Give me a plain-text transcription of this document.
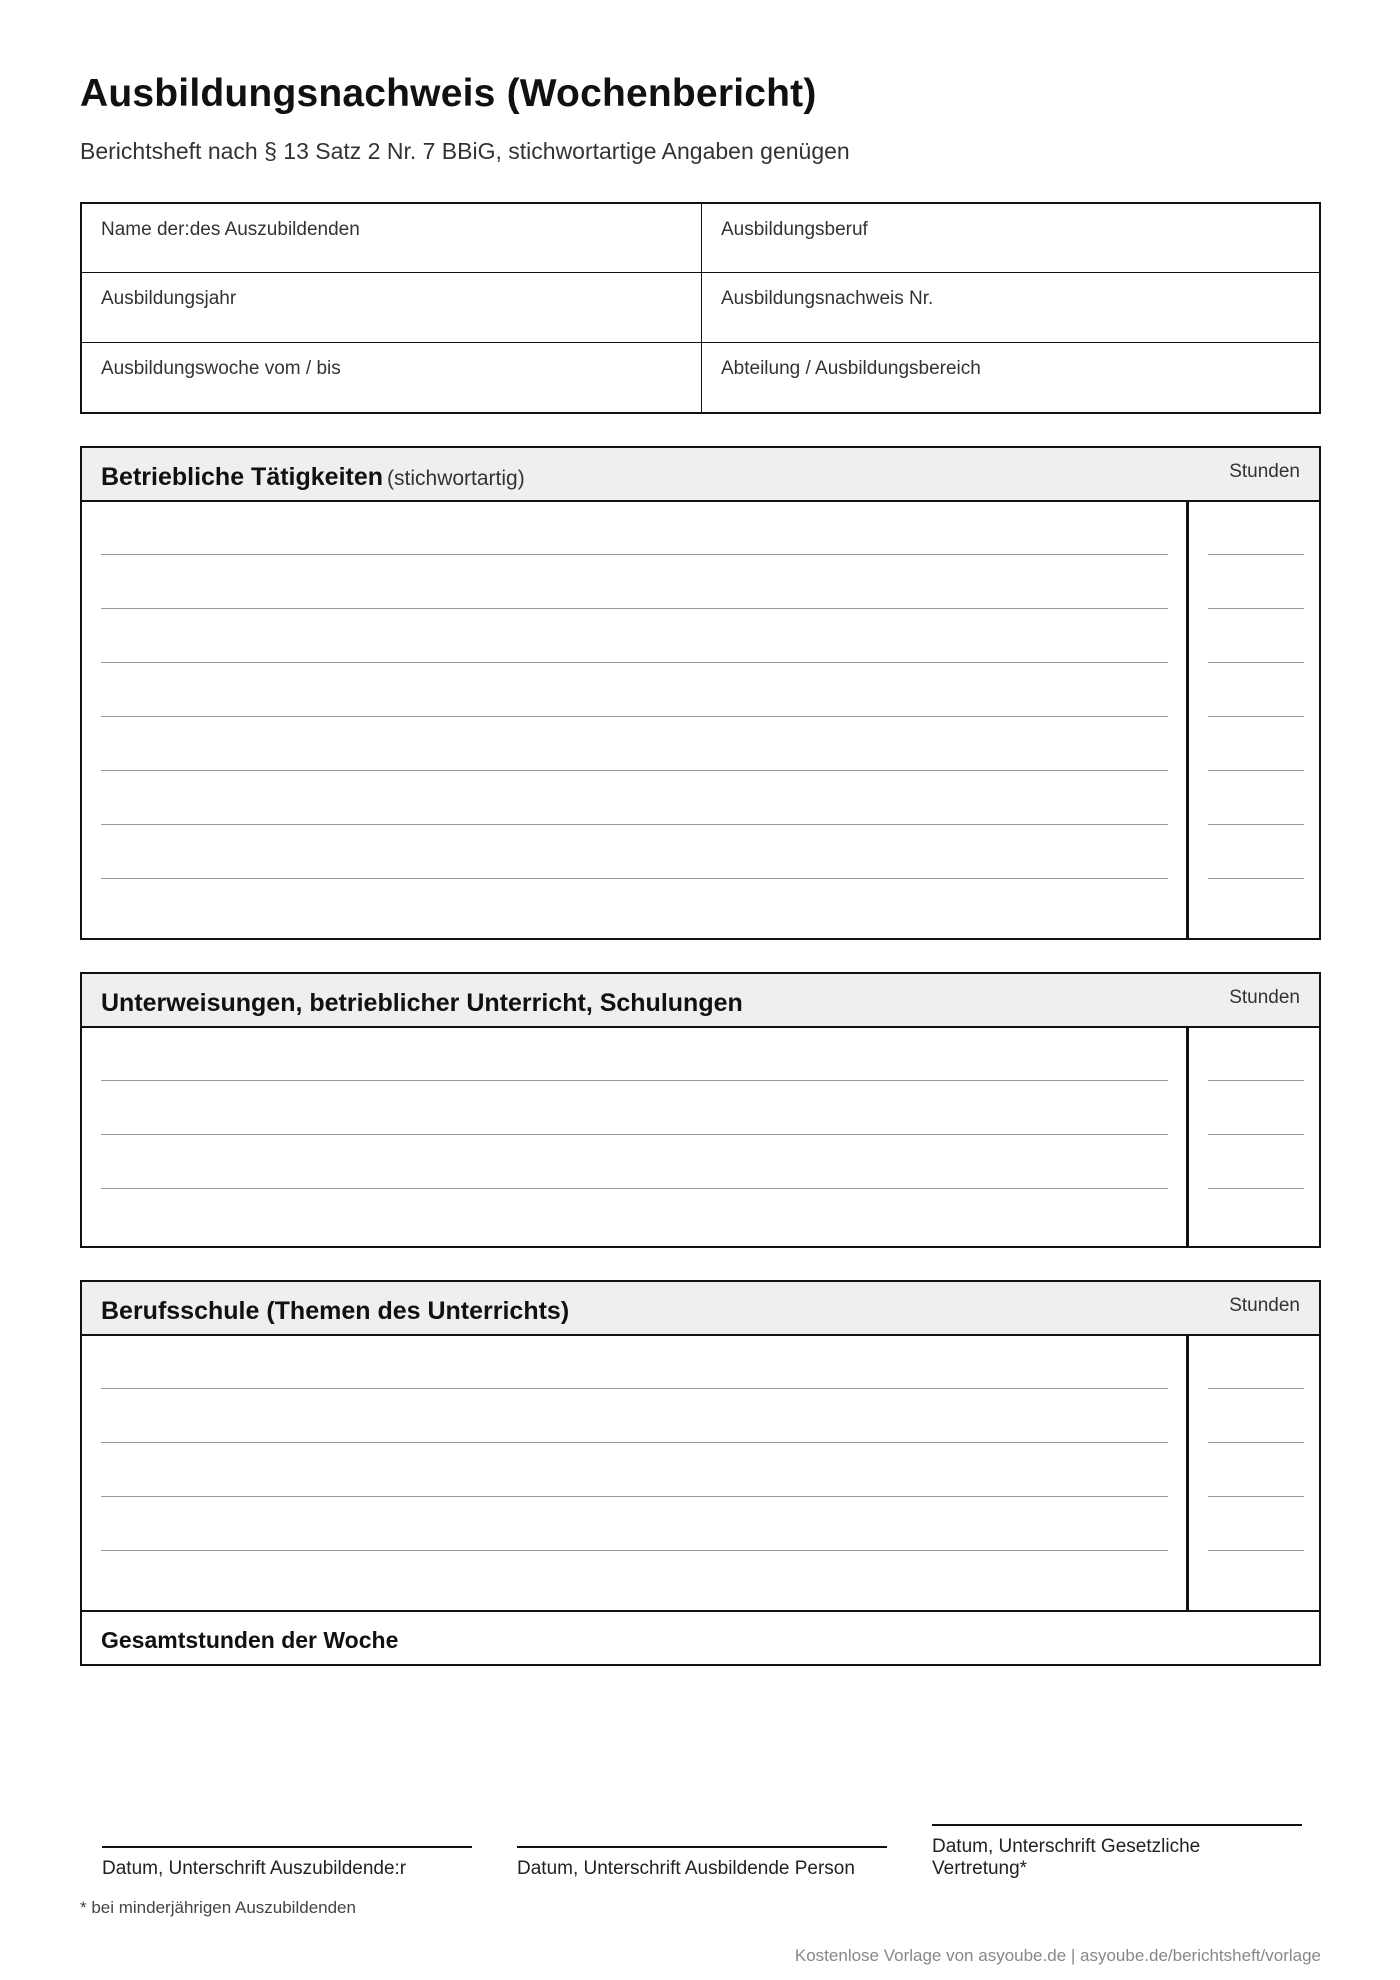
Ausbildungsnachweis (Wochenbericht)
Berichtsheft nach § 13 Satz 2 Nr. 7 BBiG, stichwortartige Angaben genügen
Name der:des Auszubildenden	Ausbildungsberuf
Ausbildungsjahr	Ausbildungsnachweis Nr.
Ausbildungswoche vom / bis	Abteilung / Ausbildungsbereich
Betriebliche Tätigkeiten (stichwortartig)	Stunden
Unterweisungen, betrieblicher Unterricht, Schulungen	Stunden
Berufsschule (Themen des Unterrichts)	Stunden
Gesamtstunden der Woche
Datum, Unterschrift Auszubildende:r	Datum, Unterschrift Ausbildende Person
Datum, Unterschrift Gesetzliche Vertretung*
* bei minderjährigen Auszubildenden
Kostenlose Vorlage von asyoube.de | asyoube.de/berichtsheft/vorlage
